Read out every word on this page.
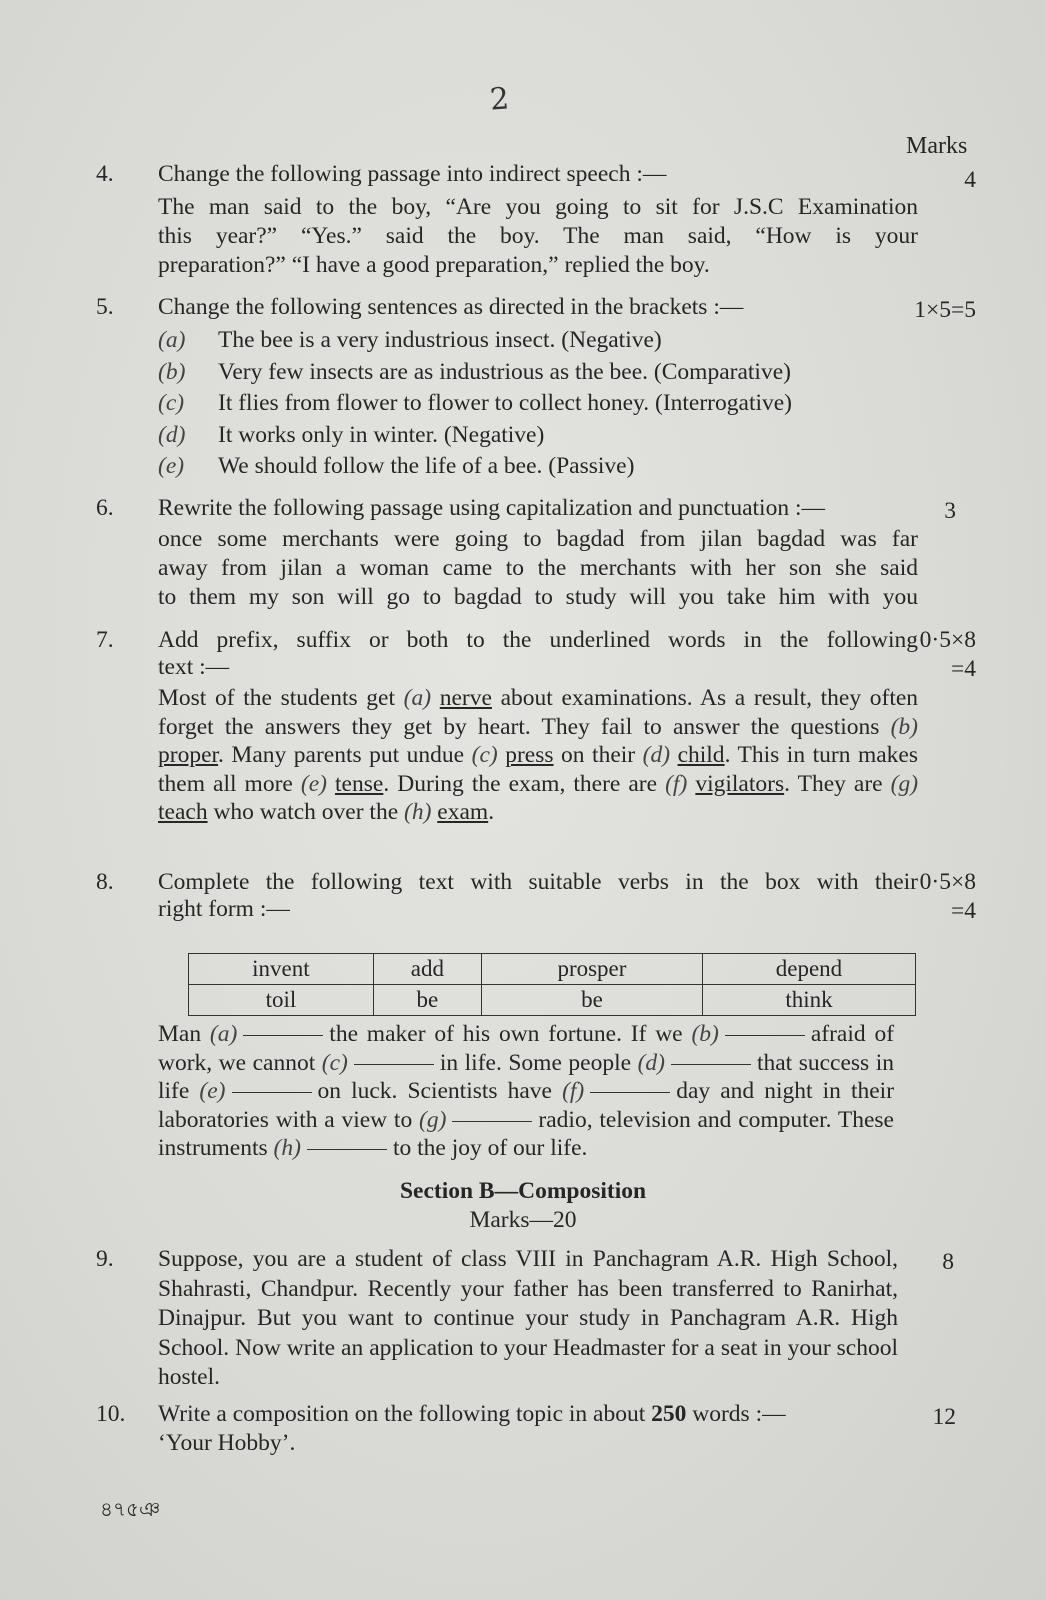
2
Marks
4.	Change the following passage into indirect speech :—	4
The man said to the boy, “Are you going to sit for J.S.C Examination
this year?” “Yes.” said the boy. The man said, “How is your
preparation?” “I have a good preparation,” replied the boy.
5.	Change the following sentences as directed in the brackets :—	1×5=5
(a) The bee is a very industrious insect. (Negative)
(b) Very few insects are as industrious as the bee. (Comparative)
(c) It flies from flower to flower to collect honey. (Interrogative)
(d) It works only in winter. (Negative)
(e) We should follow the life of a bee. (Passive)
6.	Rewrite the following passage using capitalization and punctuation :—	3
once some merchants were going to bagdad from jilan bagdad was far
away from jilan a woman came to the merchants with her son she said
to them my son will go to bagdad to study will you take him with you
7.	Add prefix, suffix or both to the underlined words in the following
text :—
0·5×8
=4
Most of the students get (a) nerve about examinations. As a result, they often forget the answers they get by heart. They fail to answer the questions (b) proper. Many parents put undue (c) press on their (d) child. This in turn makes them all more (e) tense. During the exam, there are (f) vigilators. They are (g) teach who watch over the (h) exam.
8.	Complete the following text with suitable verbs in the box with their
right form :—
0·5×8
=4
invent	add	prosper	depend
toil	be	be	think
Man (a)	the maker of his own fortune. If we (b)	afraid of work, we cannot (c)	in life. Some people (d)	that success in life (e)	on luck. Scientists have (f)	day and night in their laboratories with a view to (g)	radio, television and computer. These instruments (h)	to the joy of our life.
Section B—Composition
Marks—20
9.	Suppose, you are a student of class VIII in Panchagram A.R. High School, Shahrasti, Chandpur. Recently your father has been transferred to Ranirhat, Dinajpur. But you want to continue your study in Panchagram A.R. High School. Now write an application to your Headmaster for a seat in your school hostel.
8
10.	Write a composition on the following topic in about 250 words :—
‘Your Hobby’.
12
৪৭৫ঞ
